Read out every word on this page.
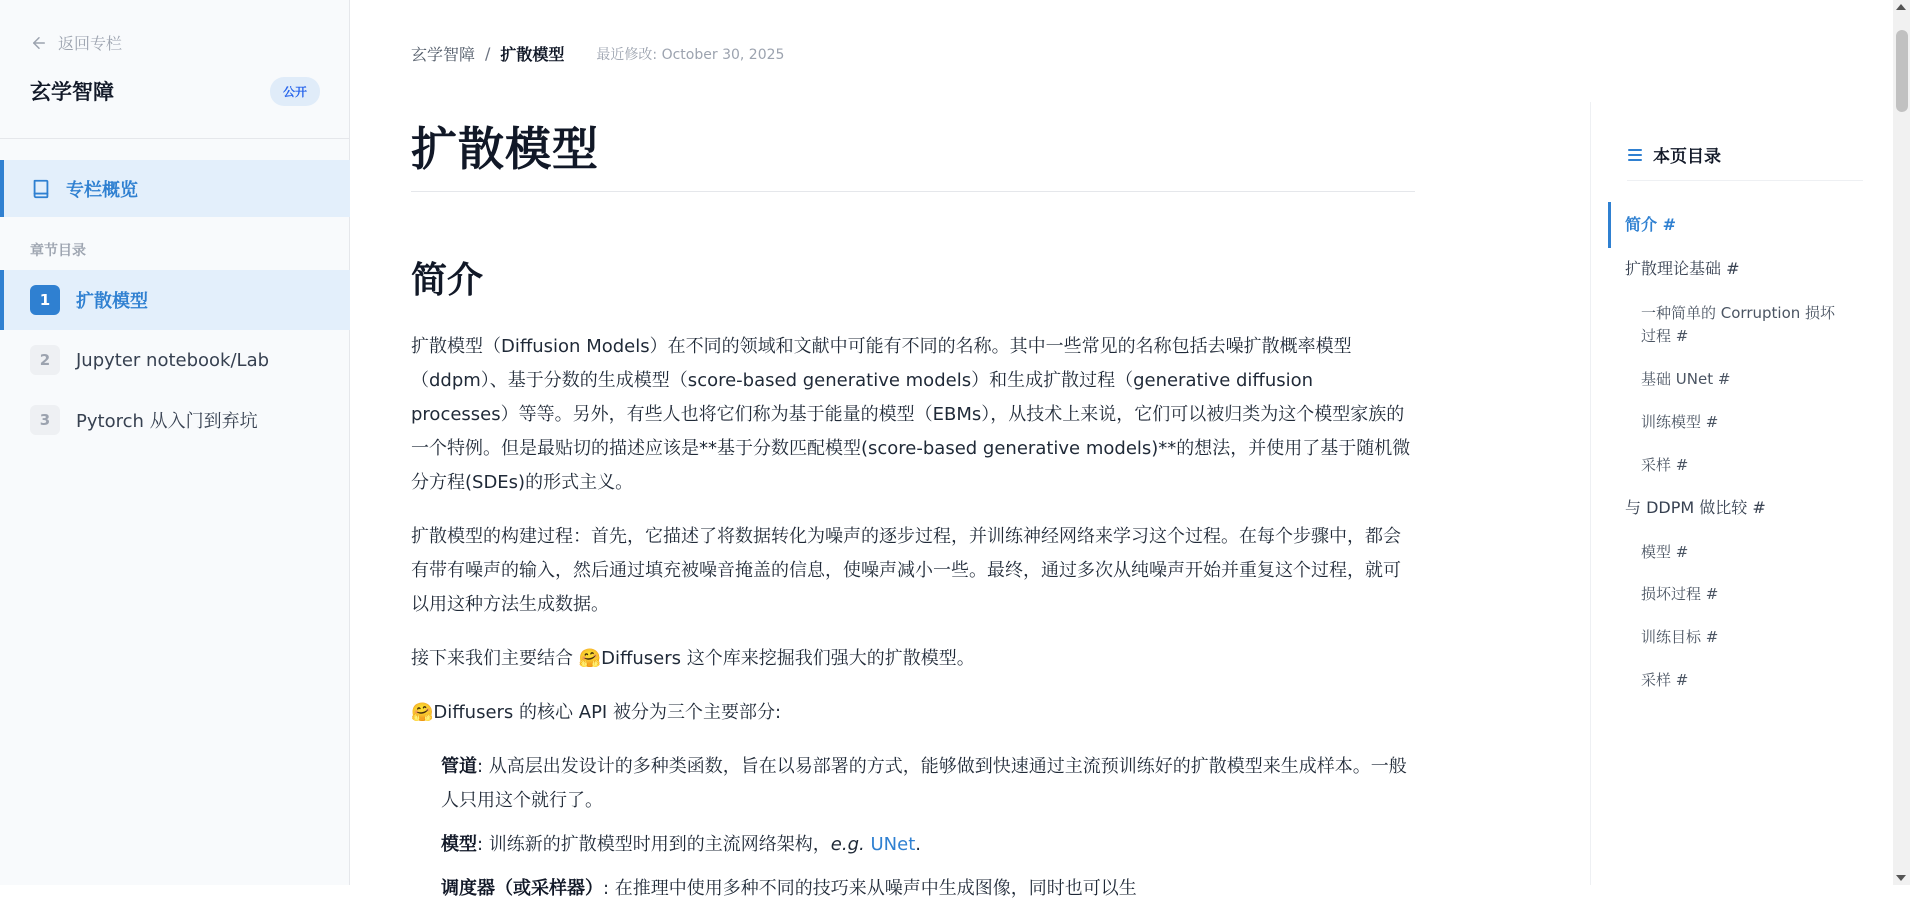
返回专栏
玄学智障	公开
专栏概览
章节目录
1	扩散模型
2	Jupyter notebook/Lab
3	Pytorch 从入门到弃坑
玄学智障 / 扩散模型 最近修改: October 30, 2025
扩散模型
简介

扩散模型（Diffusion Models）在不同的领域和文献中可能有不同的名称。其中一些常见的名称包括去噪扩散概率模型（ddpm）、基于分数的生成模型（score-based generative models）和生成扩散过程（generative diffusion processes）等等。另外，有些人也将它们称为基于能量的模型（EBMs），从技术上来说，它们可以被归类为这个模型家族的一个特例。但是最贴切的描述应该是**基于分数匹配模型(score-based generative models)**的想法，并使用了基于随机微分方程(SDEs)的形式主义。

扩散模型的构建过程：首先，它描述了将数据转化为噪声的逐步过程，并训练神经网络来学习这个过程。在每个步骤中，都会有带有噪声的输入，然后通过填充被噪音掩盖的信息，使噪声减小一些。最终，通过多次从纯噪声开始并重复这个过程，就可以用这种方法生成数据。

接下来我们主要结合 🤗Diffusers 这个库来挖掘我们强大的扩散模型。

🤗Diffusers 的核心 API 被分为三个主要部分:

管道: 从高层出发设计的多种类函数，旨在以易部署的方式，能够做到快速通过主流预训练好的扩散模型来生成样本。一般人只用这个就行了。
模型: 训练新的扩散模型时用到的主流网络架构，e.g. UNet.
调度器（或采样器）: 在推理中使用多种不同的技巧来从噪声中生成图像，同时也可以生
本页目录
简介 #
扩散理论基础 #
一种简单的 Corruption 损坏
过程 #
基础 UNet #
训练模型 #
采样 #
与 DDPM 做比较 #
模型 #
损坏过程 #
训练目标 #
采样 #
